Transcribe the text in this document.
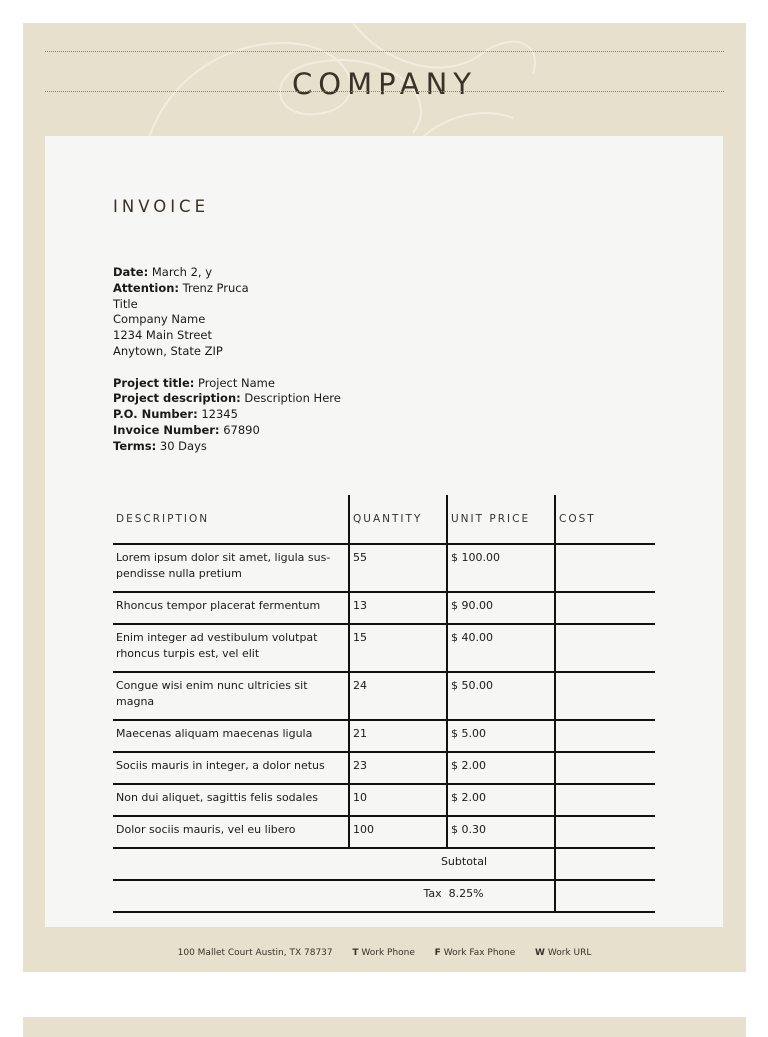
COMPANY
INVOICE
Date: March 2, y
Attention: Trenz Pruca
Title
Company Name
1234 Main Street
Anytown, State ZIP
Project title: Project Name
Project description: Description Here
P.O. Number: 12345
Invoice Number: 67890
Terms: 30 Days
DESCRIPTION	QUANTITY	UNIT PRICE	COST
Lorem ipsum dolor sit amet, ligula sus-pendisse nulla pretium	55	$ 100.00	
Rhoncus tempor placerat fermentum	13	$ 90.00	
Enim integer ad vestibulum volutpat rhoncus turpis est, vel elit	15	$ 40.00	
Congue wisi enim nunc ultricies sit magna	24	$ 50.00	
Maecenas aliquam maecenas ligula	21	$ 5.00	
Sociis mauris in integer, a dolor netus	23	$ 2.00	
Non dui aliquet, sagittis felis sodales	10	$ 2.00	
Dolor sociis mauris, vel eu libero	100	$ 0.30	
Subtotal			
Tax 8.25%			
100 Mallet Court Austin, TX 78737 T Work Phone F Work Fax Phone W Work URL
